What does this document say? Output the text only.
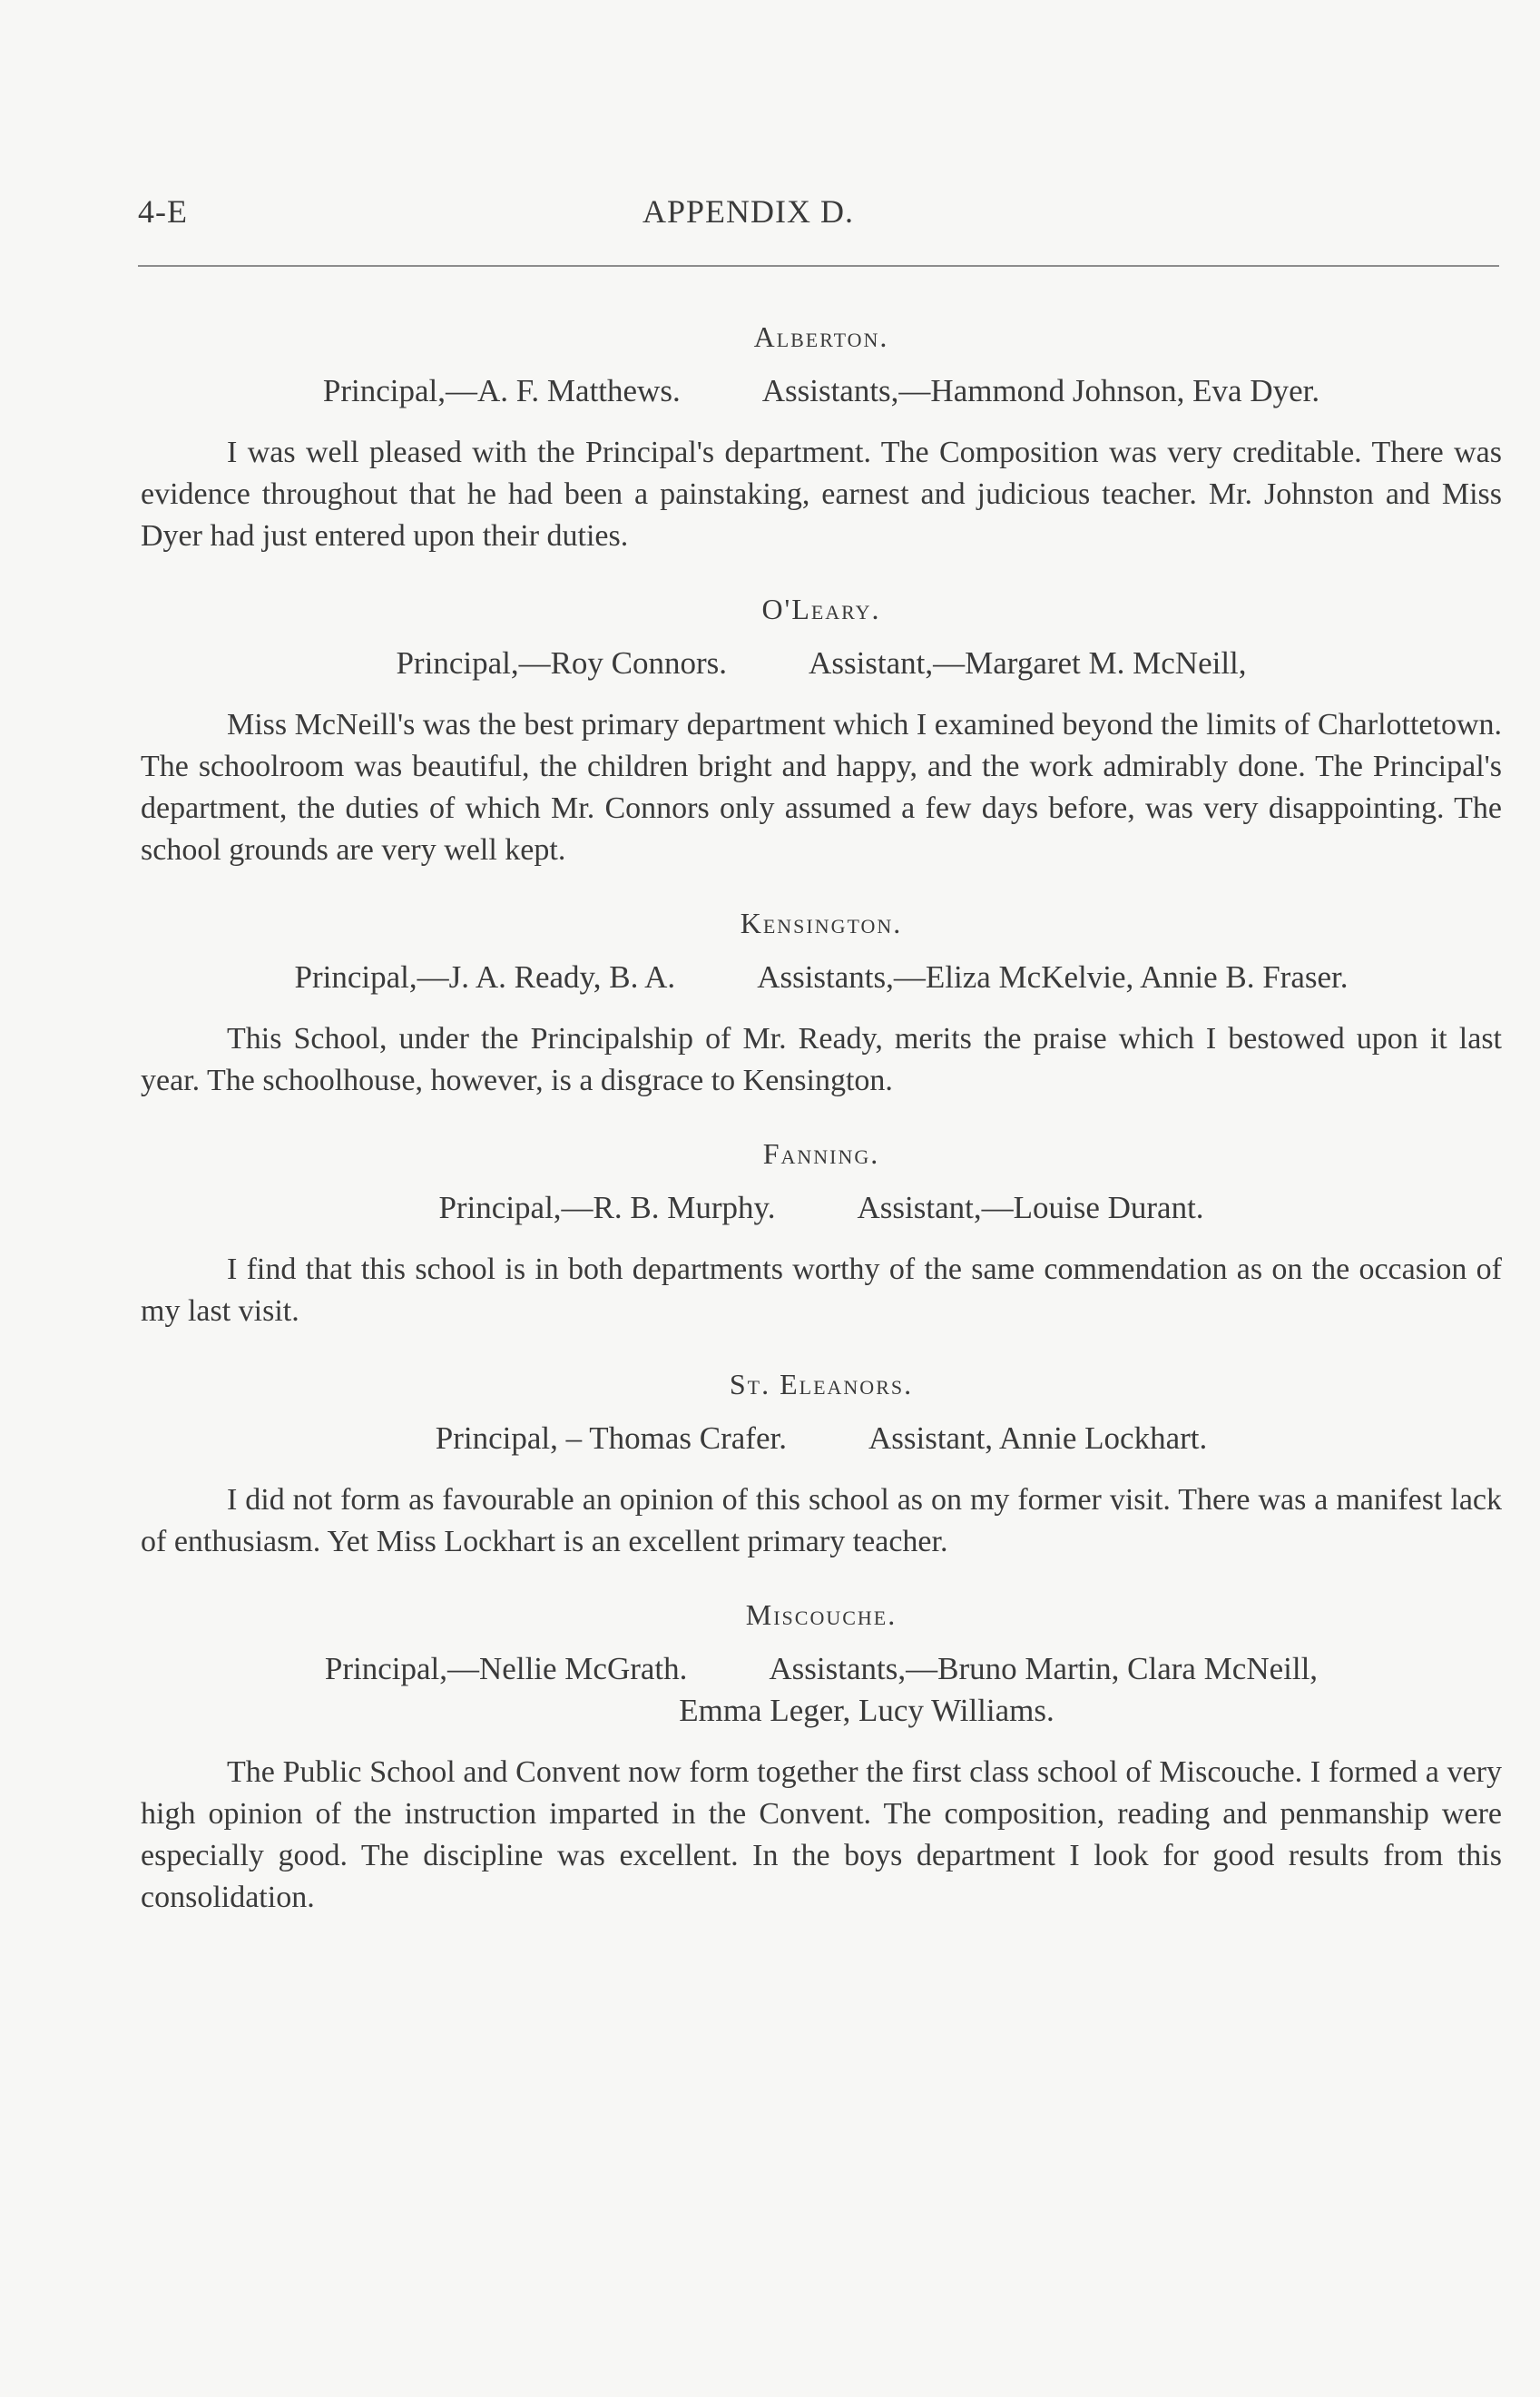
4-E	APPENDIX D.
Alberton.
Principal,—A. F. Matthews.	Assistants,—Hammond Johnson, Eva Dyer.

I was well pleased with the Principal's department. The Composition was very creditable. There was evidence throughout that he had been a painstaking, earnest and judicious teacher. Mr. Johnston and Miss Dyer had just entered upon their duties.

O'Leary.
Principal,—Roy Connors.	Assistant,—Margaret M. McNeill,

Miss McNeill's was the best primary department which I examined beyond the limits of Charlottetown. The schoolroom was beautiful, the children bright and happy, and the work admirably done. The Principal's department, the duties of which Mr. Connors only assumed a few days before, was very disappointing. The school grounds are very well kept.

Kensington.
Principal,—J. A. Ready, B. A.	Assistants,—Eliza McKelvie, Annie B. Fraser.

This School, under the Principalship of Mr. Ready, merits the praise which I bestowed upon it last year. The schoolhouse, however, is a disgrace to Kensington.

Fanning.
Principal,—R. B. Murphy.	Assistant,—Louise Durant.

I find that this school is in both departments worthy of the same commendation as on the occasion of my last visit.

St. Eleanors.
Principal, – Thomas Crafer.	Assistant, Annie Lockhart.

I did not form as favourable an opinion of this school as on my former visit. There was a manifest lack of enthusiasm. Yet Miss Lockhart is an excellent primary teacher.

Miscouche.
Principal,—Nellie McGrath.	Assistants,—Bruno Martin, Clara McNeill,
Emma Leger, Lucy Williams.

The Public School and Convent now form together the first class school of Miscouche. I formed a very high opinion of the instruction imparted in the Convent. The composition, reading and penmanship were especially good. The discipline was excellent. In the boys department I look for good results from this consolidation.
